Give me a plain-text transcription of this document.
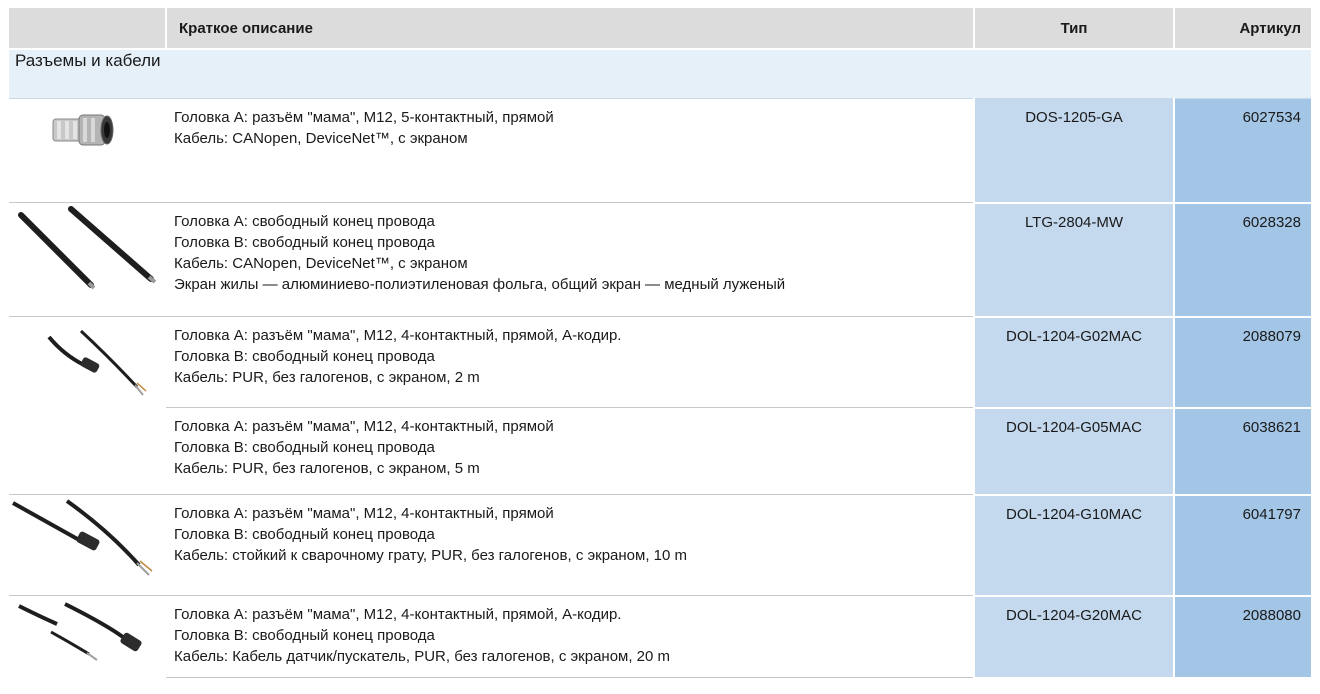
	Краткое описание	Тип	Артикул
Разъемы и кабели			

Головка A: разъём "мама", M12, 5-контактный, прямой
Кабель: CANopen, DeviceNet™, с экраном	DOS-1205-GA	6027534

Головка A: свободный конец провода
Головка B: свободный конец провода
Кабель: CANopen, DeviceNet™, с экраном
Экран жилы — алюминиево-полиэтиленовая фольга, общий экран — медный луженый	LTG-2804-MW	6028328

Головка A: разъём "мама", M12, 4-контактный, прямой, A-кодир.
Головка B: свободный конец провода
Кабель: PUR, без галогенов, с экраном, 2 m	DOL-1204-G02MAC	2088079

	Головка A: разъём "мама", M12, 4-контактный, прямой
Головка B: свободный конец провода
Кабель: PUR, без галогенов, с экраном, 5 m	DOL-1204-G05MAC	6038621

Головка A: разъём "мама", M12, 4-контактный, прямой
Головка B: свободный конец провода
Кабель: стойкий к сварочному грату, PUR, без галогенов, с экраном, 10 m	DOL-1204-G10MAC	6041797

Головка A: разъём "мама", M12, 4-контактный, прямой, A-кодир.
Головка B: свободный конец провода
Кабель: Кабель датчик/пускатель, PUR, без галогенов, с экраном, 20 m	DOL-1204-G20MAC	2088080
